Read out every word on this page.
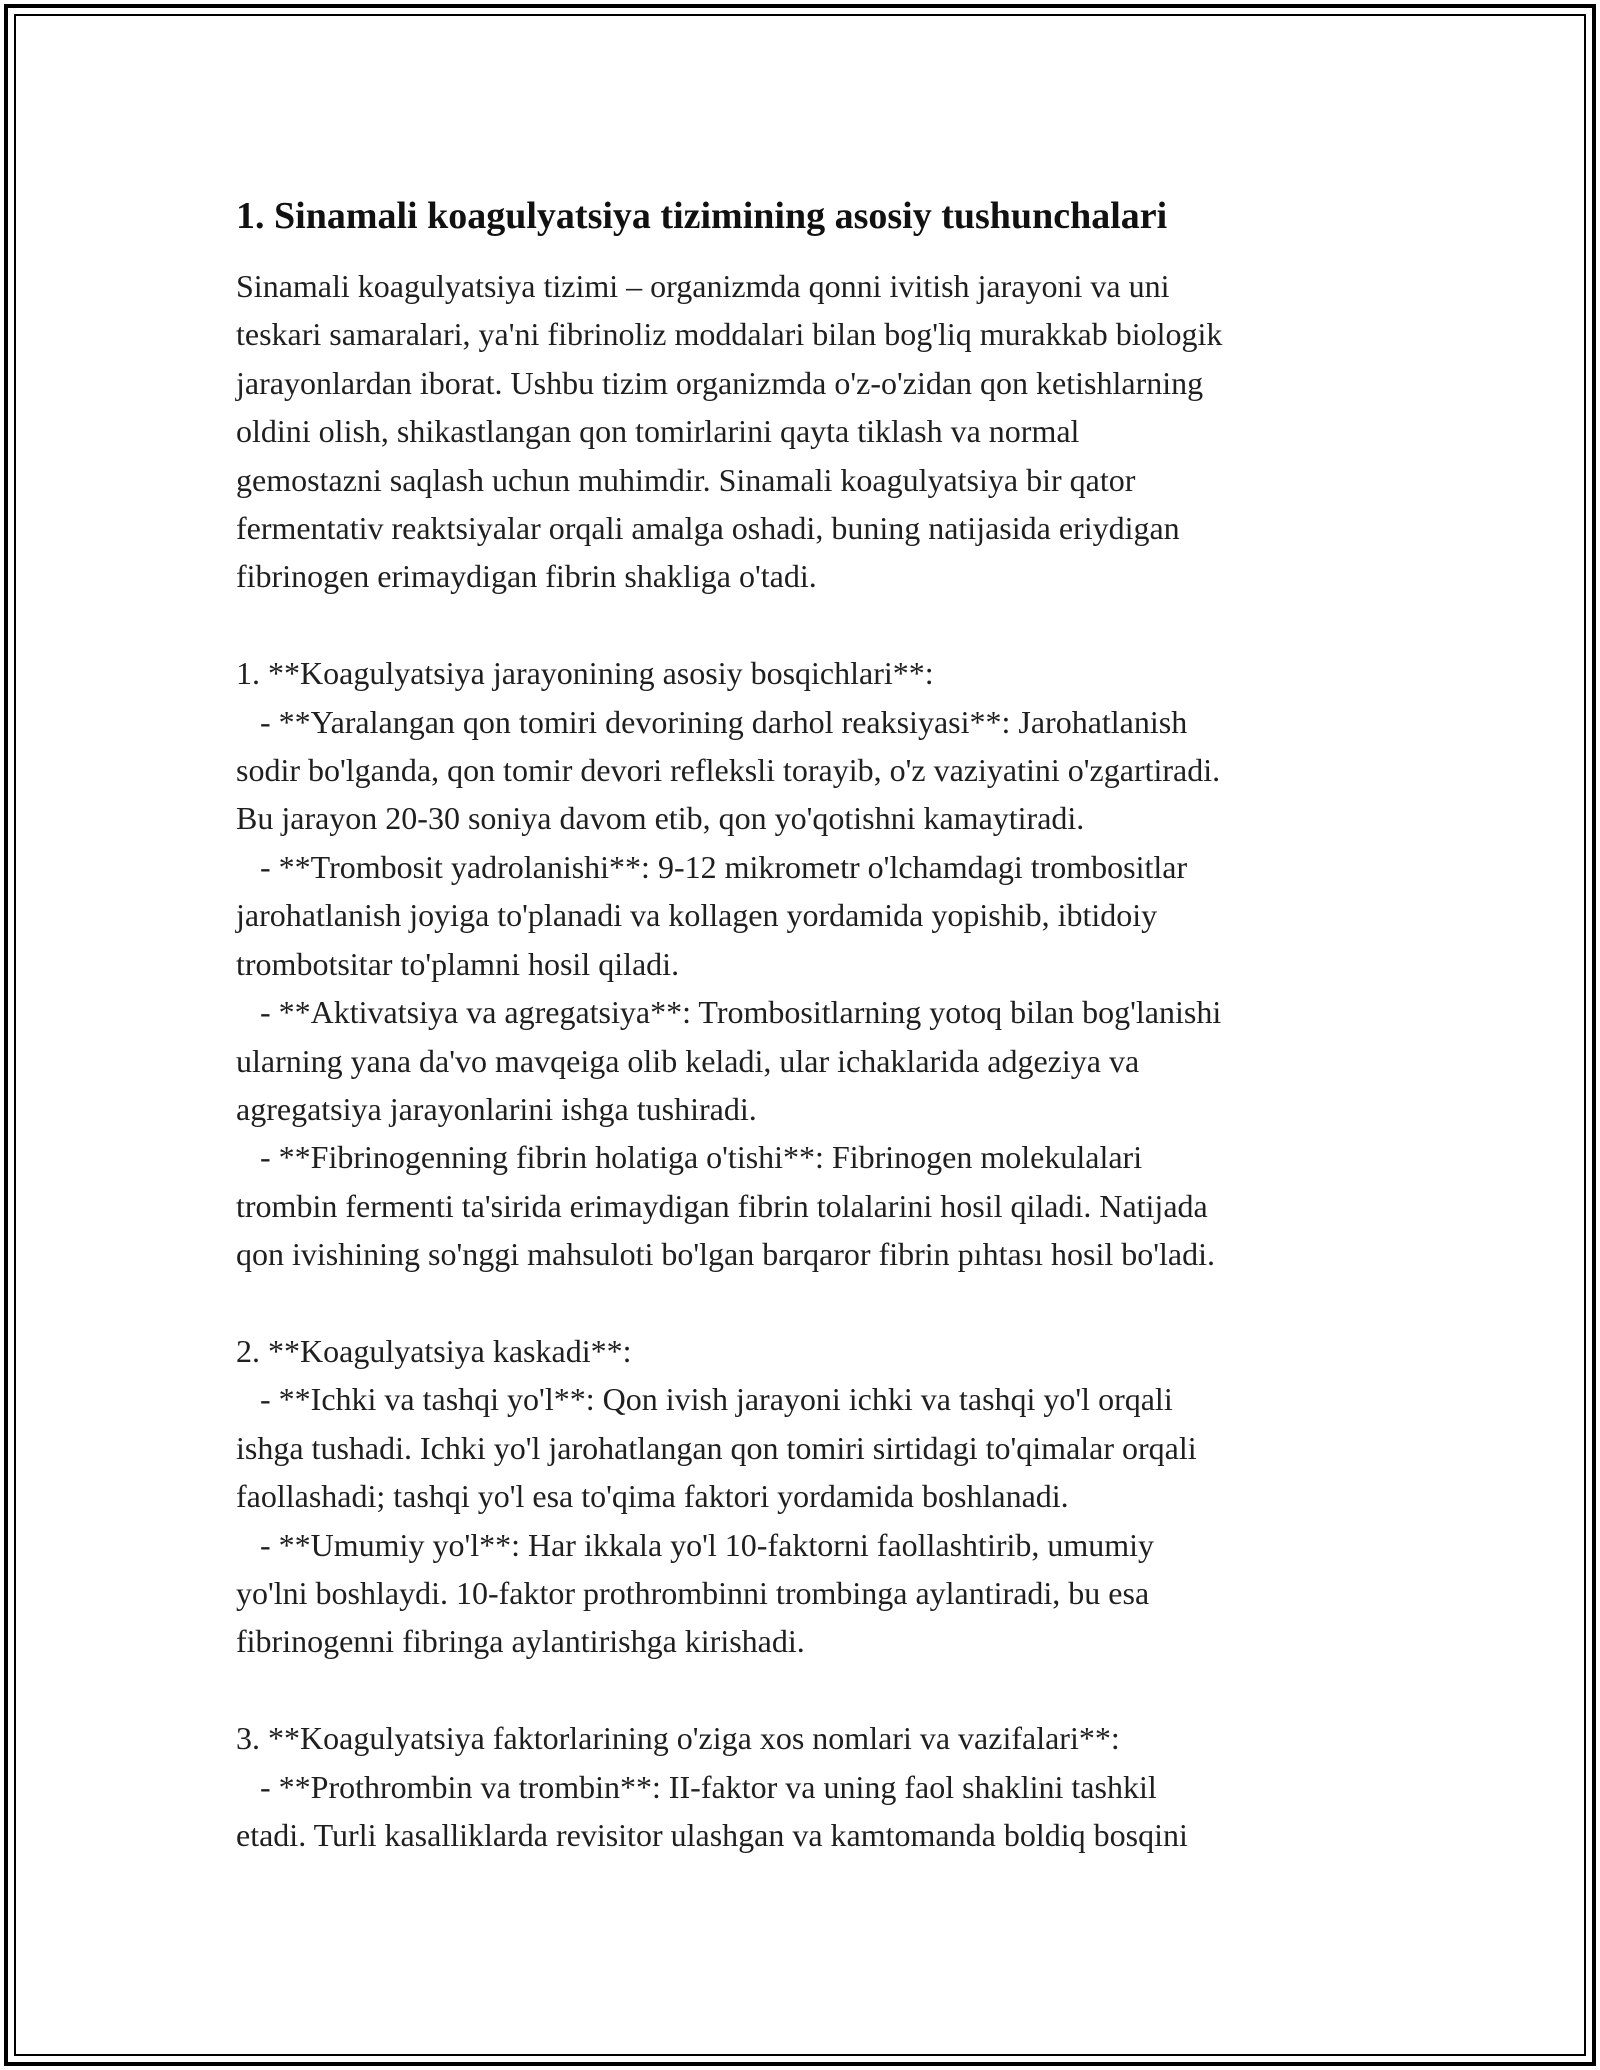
1. Sinamali koagulyatsiya tizimining asosiy tushunchalari
Sinamali koagulyatsiya tizimi – organizmda qonni ivitish jarayoni va uni
teskari samaralari, ya'ni fibrinoliz moddalari bilan bog'liq murakkab biologik
jarayonlardan iborat. Ushbu tizim organizmda o'z-o'zidan qon ketishlarning
oldini olish, shikastlangan qon tomirlarini qayta tiklash va normal
gemostazni saqlash uchun muhimdir. Sinamali koagulyatsiya bir qator
fermentativ reaktsiyalar orqali amalga oshadi, buning natijasida eriydigan
fibrinogen erimaydigan fibrin shakliga o'tadi.

1. **Koagulyatsiya jarayonining asosiy bosqichlari**:
- **Yaralangan qon tomiri devorining darhol reaksiyasi**: Jarohatlanish
sodir bo'lganda, qon tomir devori refleksli torayib, o'z vaziyatini o'zgartiradi.
Bu jarayon 20-30 soniya davom etib, qon yo'qotishni kamaytiradi.
- **Trombosit yadrolanishi**: 9-12 mikrometr o'lchamdagi trombositlar
jarohatlanish joyiga to'planadi va kollagen yordamida yopishib, ibtidoiy
trombotsitar to'plamni hosil qiladi.
- **Aktivatsiya va agregatsiya**: Trombositlarning yotoq bilan bog'lanishi
ularning yana da'vo mavqeiga olib keladi, ular ichaklarida adgeziya va
agregatsiya jarayonlarini ishga tushiradi.
- **Fibrinogenning fibrin holatiga o'tishi**: Fibrinogen molekulalari
trombin fermenti ta'sirida erimaydigan fibrin tolalarini hosil qiladi. Natijada
qon ivishining so'nggi mahsuloti bo'lgan barqaror fibrin pıhtası hosil bo'ladi.

2. **Koagulyatsiya kaskadi**:
- **Ichki va tashqi yo'l**: Qon ivish jarayoni ichki va tashqi yo'l orqali
ishga tushadi. Ichki yo'l jarohatlangan qon tomiri sirtidagi to'qimalar orqali
faollashadi; tashqi yo'l esa to'qima faktori yordamida boshlanadi.
- **Umumiy yo'l**: Har ikkala yo'l 10-faktorni faollashtirib, umumiy
yo'lni boshlaydi. 10-faktor prothrombinni trombinga aylantiradi, bu esa
fibrinogenni fibringa aylantirishga kirishadi.

3. **Koagulyatsiya faktorlarining o'ziga xos nomlari va vazifalari**:
- **Prothrombin va trombin**: II-faktor va uning faol shaklini tashkil
etadi. Turli kasalliklarda revisitor ulashgan va kamtomanda boldiq bosqini
